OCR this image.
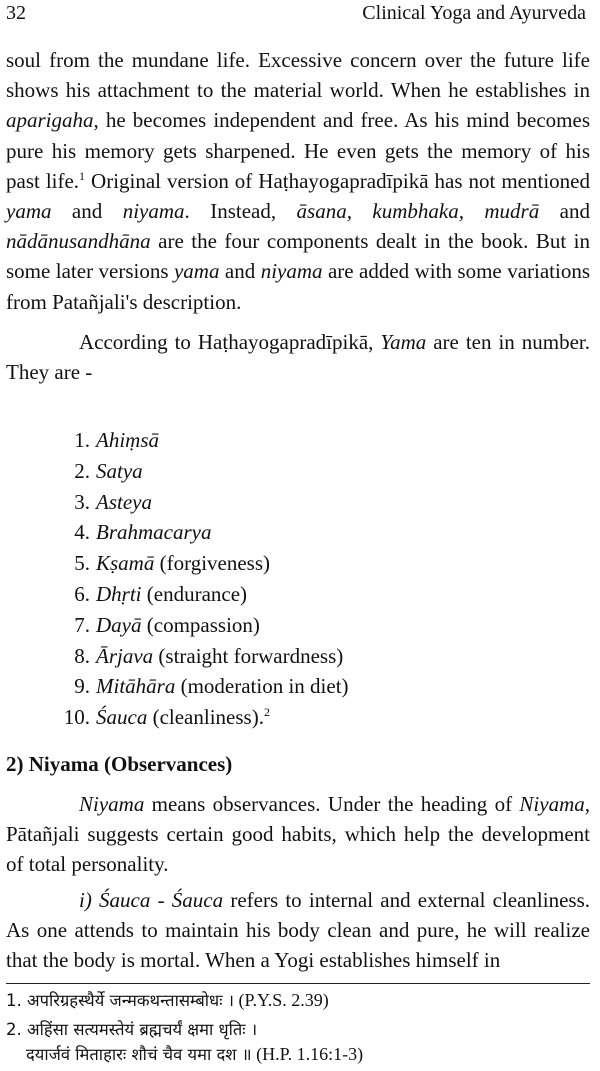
32	Clinical Yoga and Ayurveda

soul from the mundane life. Excessive concern over the future life shows his attachment to the material world. When he establishes in aparigaha, he becomes independent and free. As his mind becomes pure his memory gets sharpened. He even gets the memory of his past life.$^1$ Original version of Haṭhayogapradīpikā has not mentioned yama and niyama. Instead, āsana, kumbhaka, mudrā and nādānusandhāna are the four components dealt in the book. But in some later versions yama and niyama are added with some variations from Patañjali's description.

According to Haṭhayogapradīpikā, Yama are ten in number. They are -

1. Ahiṃsā
2. Satya
3. Asteya
4. Brahmacarya
5. Kṣamā (forgiveness)
6. Dhṛti (endurance)
7. Dayā (compassion)
8. Ārjava (straight forwardness)
9. Mitāhāra (moderation in diet)
10. Śauca (cleanliness).$^2$
2) Niyama (Observances)

Niyama means observances. Under the heading of Niyama, Pātañjali suggests certain good habits, which help the development of total personality.

i) Śauca - Śauca refers to internal and external cleanliness. As one attends to maintain his body clean and pure, he will realize that the body is mortal. When a Yogi establishes himself in

1. अपरिग्रहस्थैर्ये जन्मकथन्तासम्बोधः । (P.Y.S. 2.39)
2. अहिंसा सत्यमस्तेयं ब्रह्मचर्यं क्षमा धृतिः ।
दयार्जवं मिताहारः शौचं चैव यमा दश ॥ (H.P. 1.16:1-3)
